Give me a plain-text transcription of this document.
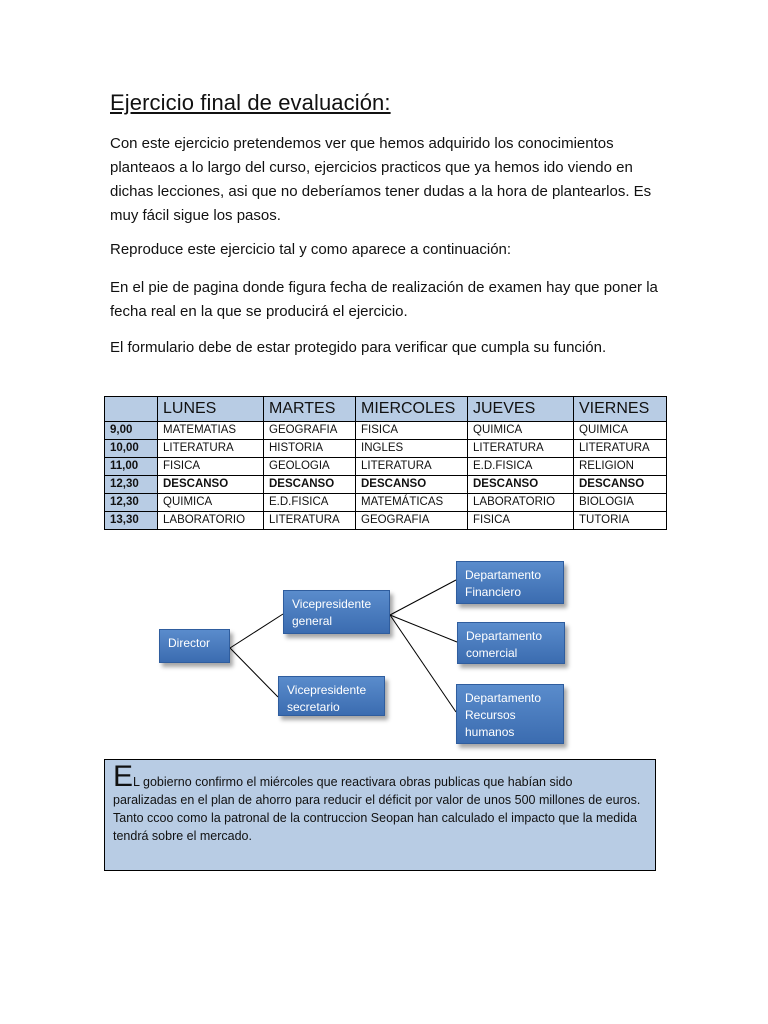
Ejercicio final de evaluación:

Con este ejercicio pretendemos ver que hemos adquirido los conocimientos planteaos a lo largo del curso, ejercicios practicos que ya hemos ido viendo en dichas lecciones, asi que no deberíamos tener dudas a la hora de plantearlos. Es muy fácil sigue los pasos.

Reproduce este ejercicio tal y como aparece a continuación:

En el pie de pagina donde figura fecha de realización de examen hay que poner la fecha real en la que se producirá el ejercicio.

El formulario debe de estar protegido para verificar que cumpla su función.

	LUNES	MARTES	MIERCOLES	JUEVES	VIERNES
9,00	MATEMATIAS	GEOGRAFIA	FISICA	QUIMICA	QUIMICA
10,00	LITERATURA	HISTORIA	INGLES	LITERATURA	LITERATURA
11,00	FISICA	GEOLOGIA	LITERATURA	E.D.FISICA	RELIGION
12,30	DESCANSO	DESCANSO	DESCANSO	DESCANSO	DESCANSO
12,30	QUIMICA	E.D.FISICA	MATEMÁTICAS	LABORATORIO	BIOLOGIA
13,30	LABORATORIO	LITERATURA	GEOGRAFIA	FISICA	TUTORIA
Director
Vicepresidente general
Vicepresidente secretario
Departamento Financiero
Departamento comercial
Departamento Recursos humanos
EL gobierno confirmo el miércoles que reactivara obras publicas que habían sido
paralizadas en el plan de ahorro para reducir el déficit por valor de unos 500 millones de euros.
Tanto ccoo como la patronal de la contruccion Seopan han calculado el impacto que la medida tendrá sobre el mercado.
